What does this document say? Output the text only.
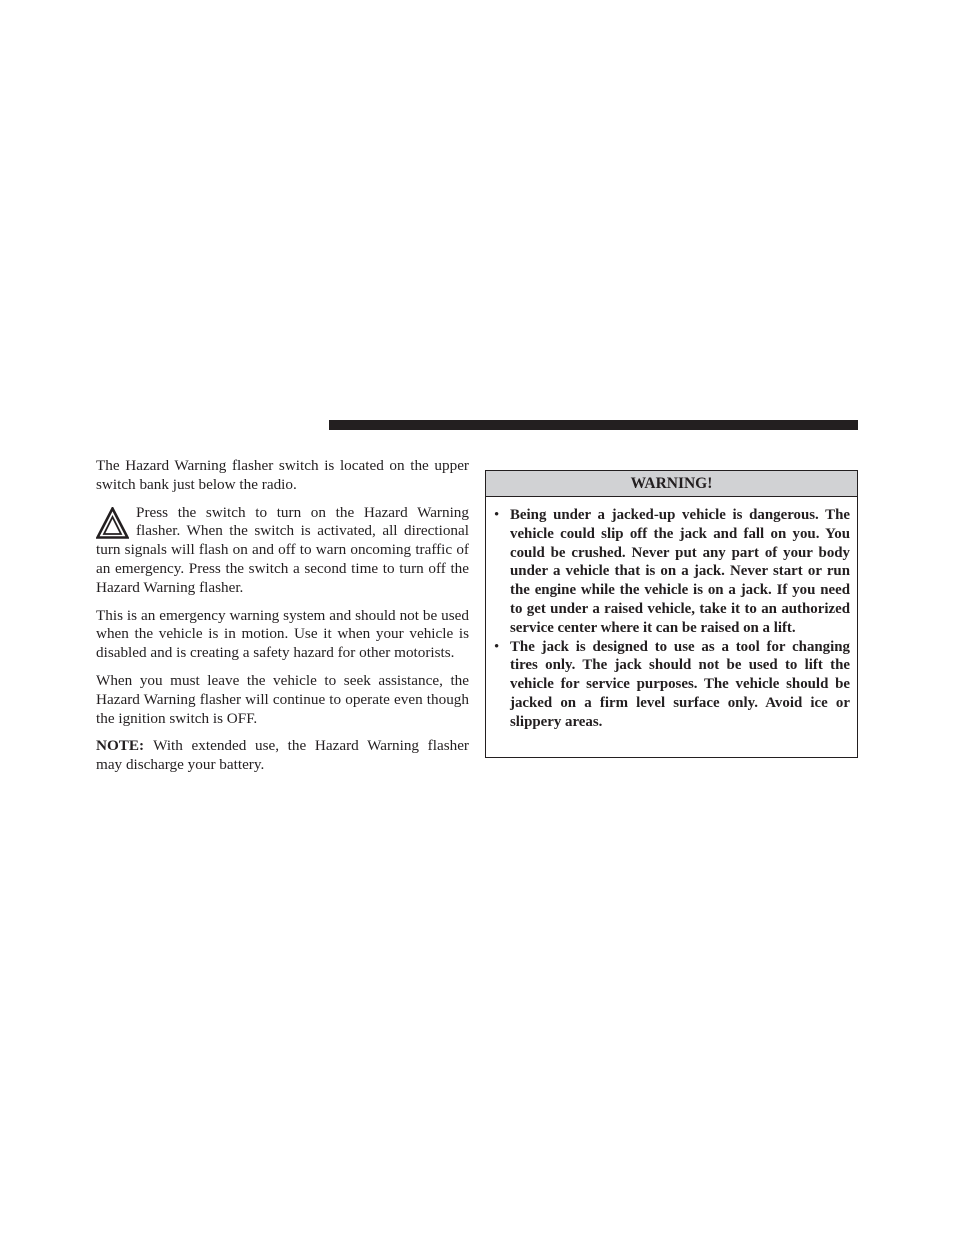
The Hazard Warning flasher switch is located on the upper switch bank just below the radio.

Press the switch to turn on the Hazard Warning flasher. When the switch is activated, all directional turn signals will flash on and off to warn oncoming traffic of an emergency. Press the switch a second time to turn off the Hazard Warning flasher.

This is an emergency warning system and should not be used when the vehicle is in motion. Use it when your vehicle is disabled and is creating a safety hazard for other motorists.

When you must leave the vehicle to seek assistance, the Hazard Warning flasher will continue to operate even though the ignition switch is OFF.

NOTE: With extended use, the Hazard Warning flasher may discharge your battery.

WARNING!
• Being under a jacked-up vehicle is dangerous. The vehicle could slip off the jack and fall on you. You could be crushed. Never put any part of your body under a vehicle that is on a jack. Never start or run the engine while the vehicle is on a jack. If you need to get under a raised vehicle, take it to an authorized service center where it can be raised on a lift.
• The jack is designed to use as a tool for changing tires only. The jack should not be used to lift the vehicle for service purposes. The vehicle should be jacked on a firm level surface only. Avoid ice or slippery areas.
